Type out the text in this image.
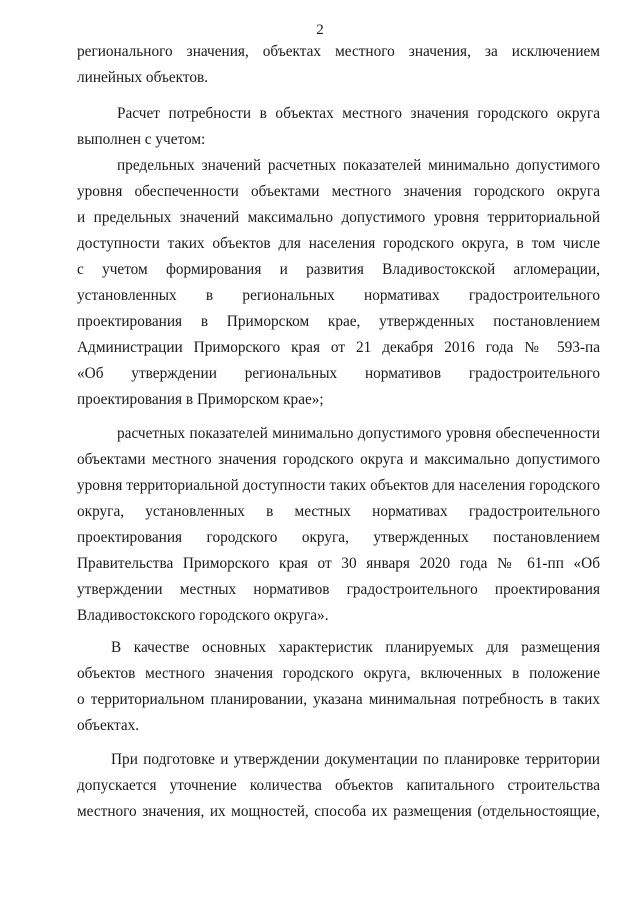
2
регионального значения, объектах местного значения, за исключением
линейных объектов.
Расчет потребности в объектах местного значения городского округа
выполнен с учетом:
предельных значений расчетных показателей минимально допустимого
уровня обеспеченности объектами местного значения городского округа
и предельных значений максимально допустимого уровня территориальной
доступности таких объектов для населения городского округа, в том числе
с учетом формирования и развития Владивостокской агломерации,
установленных в региональных нормативах градостроительного
проектирования в Приморском крае, утвержденных постановлением
Администрации Приморского края от 21 декабря 2016 года № 593-па
«Об утверждении региональных нормативов градостроительного
проектирования в Приморском крае»;
расчетных показателей минимально допустимого уровня обеспеченности
объектами местного значения городского округа и максимально допустимого
уровня территориальной доступности таких объектов для населения городского
округа, установленных в местных нормативах градостроительного
проектирования городского округа, утвержденных постановлением
Правительства Приморского края от 30 января 2020 года № 61-пп «Об
утверждении местных нормативов градостроительного проектирования
Владивостокского городского округа».
В качестве основных характеристик планируемых для размещения
объектов местного значения городского округа, включенных в положение
о территориальном планировании, указана минимальная потребность в таких
объектах.
При подготовке и утверждении документации по планировке территории
допускается уточнение количества объектов капитального строительства
местного значения, их мощностей, способа их размещения (отдельностоящие,
